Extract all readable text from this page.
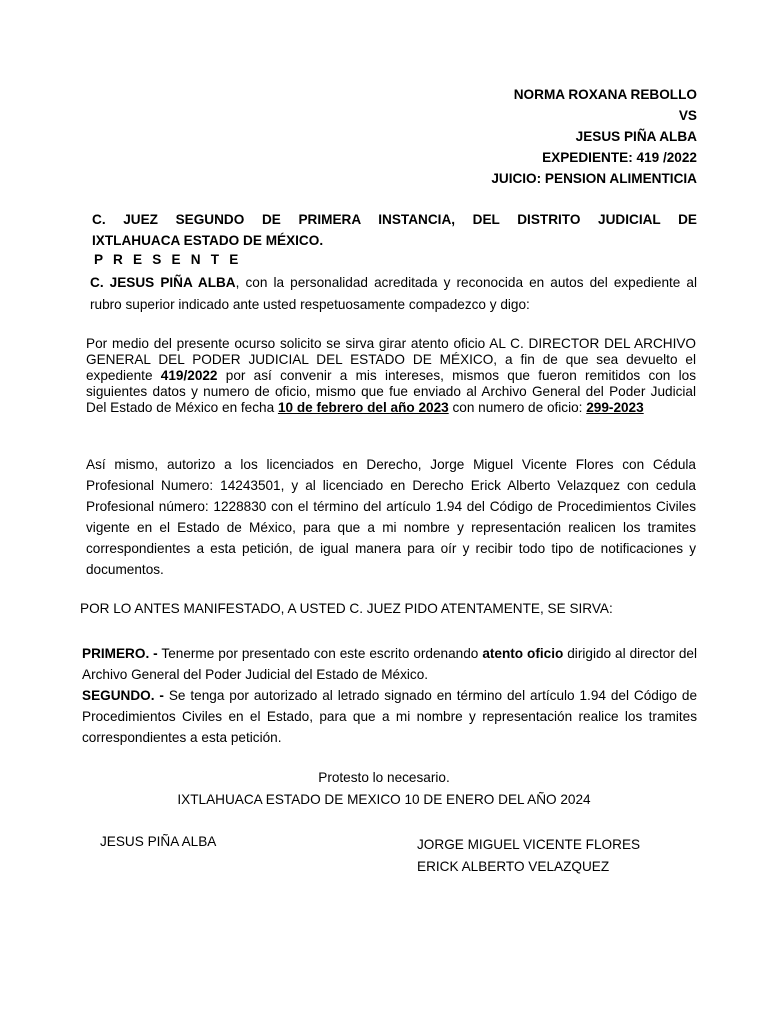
NORMA ROXANA REBOLLO
VS
JESUS PIÑA ALBA
EXPEDIENTE: 419 /2022
JUICIO: PENSION ALIMENTICIA
C. JUEZ SEGUNDO DE PRIMERA INSTANCIA, DEL DISTRITO JUDICIAL DE
IXTLAHUACA ESTADO DE MÉXICO.
P R E S E N T E
C. JESUS PIÑA ALBA, con la personalidad acreditada y reconocida en autos del expediente al rubro superior indicado ante usted respetuosamente compadezco y digo:
Por medio del presente ocurso solicito se sirva girar atento oficio AL C. DIRECTOR DEL ARCHIVO GENERAL DEL PODER JUDICIAL DEL ESTADO DE MÉXICO, a fin de que sea devuelto el expediente 419/2022 por así convenir a mis intereses, mismos que fueron remitidos con los siguientes datos y numero de oficio, mismo que fue enviado al Archivo General del Poder Judicial Del Estado de México en fecha 10 de febrero del año 2023 con numero de oficio: 299-2023
Así mismo, autorizo a los licenciados en Derecho, Jorge Miguel Vicente Flores con Cédula Profesional Numero: 14243501, y al licenciado en Derecho Erick Alberto Velazquez con cedula Profesional número: 1228830 con el término del artículo 1.94 del Código de Procedimientos Civiles vigente en el Estado de México, para que a mi nombre y representación realicen los tramites correspondientes a esta petición, de igual manera para oír y recibir todo tipo de notificaciones y documentos.
POR LO ANTES MANIFESTADO, A USTED C. JUEZ PIDO ATENTAMENTE, SE SIRVA:
PRIMERO. - Tenerme por presentado con este escrito ordenando atento oficio dirigido al director del Archivo General del Poder Judicial del Estado de México.
SEGUNDO. - Se tenga por autorizado al letrado signado en término del artículo 1.94 del Código de Procedimientos Civiles en el Estado, para que a mi nombre y representación realice los tramites correspondientes a esta petición.
Protesto lo necesario.
IXTLAHUACA ESTADO DE MEXICO 10 DE ENERO DEL AÑO 2024
JESUS PIÑA ALBA	JORGE MIGUEL VICENTE FLORES
ERICK ALBERTO VELAZQUEZ
